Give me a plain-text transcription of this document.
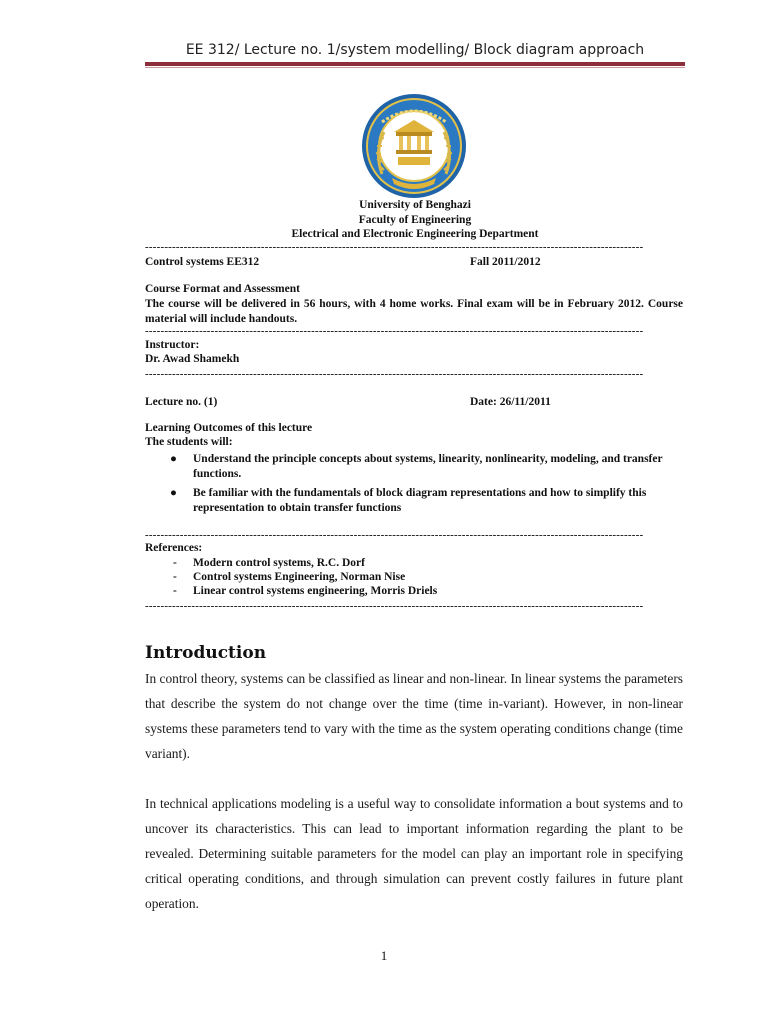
EE 312/ Lecture no. 1/system modelling/ Block diagram approach
University of Benghazi
Faculty of Engineering
Electrical and Electronic Engineering Department
---------------------------------------------------------------------------------------------------------------------------------
Control systems EE312	Fall 2011/2012
Course Format and Assessment
The course will be delivered in 56 hours, with 4 home works. Final exam will be in February 2012. Course material will include handouts.
---------------------------------------------------------------------------------------------------------------------------------
Instructor:
Dr. Awad Shamekh
---------------------------------------------------------------------------------------------------------------------------------
Lecture no. (1)	Date: 26/11/2011
Learning Outcomes of this lecture
The students will:
● Understand the principle concepts about systems, linearity, nonlinearity, modeling, and transfer functions.
● Be familiar with the fundamentals of block diagram representations and how to simplify this representation to obtain transfer functions
---------------------------------------------------------------------------------------------------------------------------------
References:
- Modern control systems, R.C. Dorf
- Control systems Engineering, Norman Nise
- Linear control systems engineering, Morris Driels
---------------------------------------------------------------------------------------------------------------------------------
Introduction
In control theory, systems can be classified as linear and non-linear. In linear systems the parameters that describe the system do not change over the time (time in-variant). However, in non-linear systems these parameters tend to vary with the time as the system operating conditions change (time variant).
In technical applications modeling is a useful way to consolidate information a bout systems and to uncover its characteristics. This can lead to important information regarding the plant to be revealed. Determining suitable parameters for the model can play an important role in specifying critical operating conditions, and through simulation can prevent costly failures in future plant operation.
1
